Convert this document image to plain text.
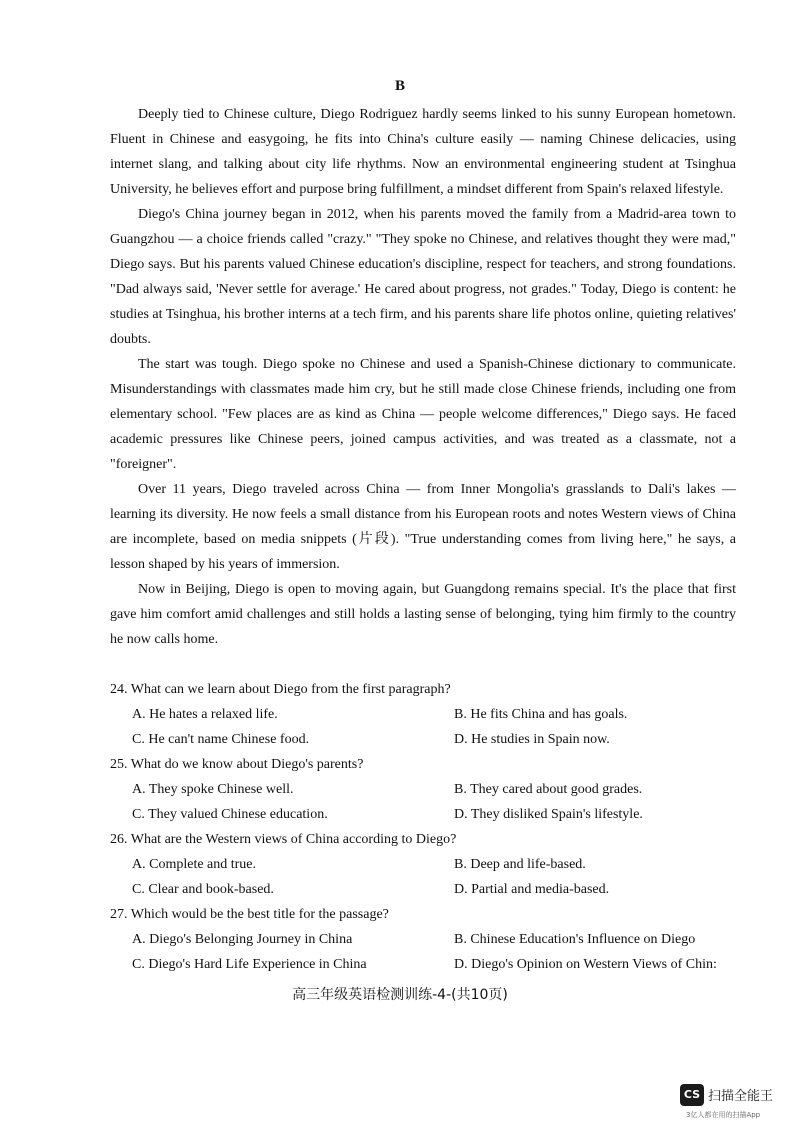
B

Deeply tied to Chinese culture, Diego Rodriguez hardly seems linked to his sunny European hometown. Fluent in Chinese and easygoing, he fits into China's culture easily — naming Chinese delicacies, using internet slang, and talking about city life rhythms. Now an environmental engineering student at Tsinghua University, he believes effort and purpose bring fulfillment, a mindset different from Spain's relaxed lifestyle.

Diego's China journey began in 2012, when his parents moved the family from a Madrid-area town to Guangzhou — a choice friends called "crazy." "They spoke no Chinese, and relatives thought they were mad," Diego says. But his parents valued Chinese education's discipline, respect for teachers, and strong foundations. "Dad always said, 'Never settle for average.' He cared about progress, not grades." Today, Diego is content: he studies at Tsinghua, his brother interns at a tech firm, and his parents share life photos online, quieting relatives' doubts.

The start was tough. Diego spoke no Chinese and used a Spanish-Chinese dictionary to communicate. Misunderstandings with classmates made him cry, but he still made close Chinese friends, including one from elementary school. "Few places are as kind as China — people welcome differences," Diego says. He faced academic pressures like Chinese peers, joined campus activities, and was treated as a classmate, not a "foreigner".

Over 11 years, Diego traveled across China — from Inner Mongolia's grasslands to Dali's lakes — learning its diversity. He now feels a small distance from his European roots and notes Western views of China are incomplete, based on media snippets (片段). "True understanding comes from living here," he says, a lesson shaped by his years of immersion.

Now in Beijing, Diego is open to moving again, but Guangdong remains special. It's the place that first gave him comfort amid challenges and still holds a lasting sense of belonging, tying him firmly to the country he now calls home.

24. What can we learn about Diego from the first paragraph?
A. He hates a relaxed life.	B. He fits China and has goals.
C. He can't name Chinese food.	D. He studies in Spain now.
25. What do we know about Diego's parents?
A. They spoke Chinese well.	B. They cared about good grades.
C. They valued Chinese education.	D. They disliked Spain's lifestyle.
26. What are the Western views of China according to Diego?
A. Complete and true.	B. Deep and life-based.
C. Clear and book-based.	D. Partial and media-based.
27. Which would be the best title for the passage?
A. Diego's Belonging Journey in China	B. Chinese Education's Influence on Diego
C. Diego's Hard Life Experience in China	D. Diego's Opinion on Western Views of Chin:
高三年级英语检测训练-4-(共10页)
CS 扫描全能王
3亿人都在用的扫描App
